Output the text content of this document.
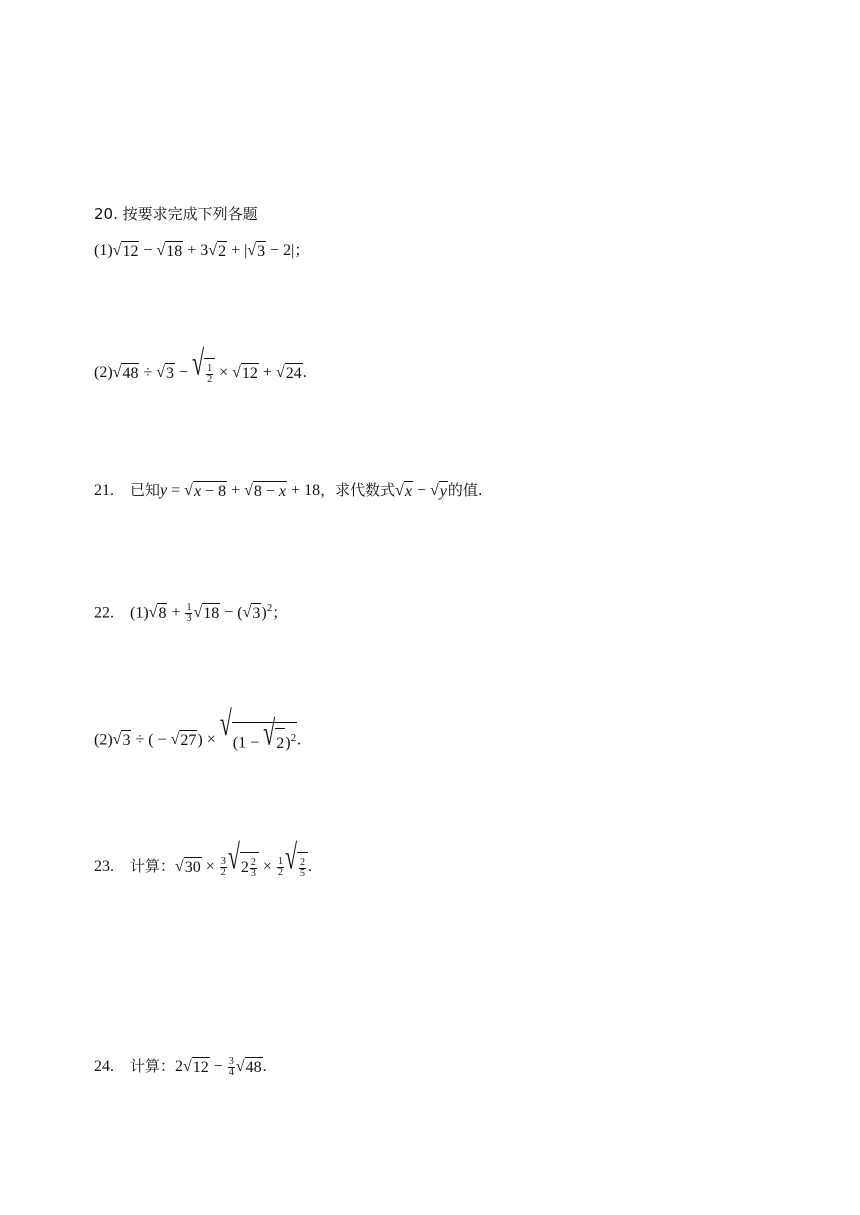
20. 按要求完成下列各题
(1) √ 12 − √ 18 + 3 √ 2 + | √ 3 − 2|；
(2) √ 48 ÷ √ 3 − √ $\frac{1}{2}$ × √ 12 + √ 24 .
21. 已知y = √ x − 8 + √ 8 − x + 18，求代数式 √ x − √ y 的值.
22.    (1) √ $8 + \frac{1}{3}$ √ 18 − ( √ 3 )$^2$；
(2) √ 3 ÷ ( − √ 27 ) × √ (1 − √ 2 )$^2$ .
23. 计算： √ $30 \times \frac{3}{2}$ √ $2 \frac{2}{3} \times \frac{1}{2}$ √ $\frac{2}{5}$ .
24. 计算：2 √ $12 - \frac{3}{4}$ √ 48 .
